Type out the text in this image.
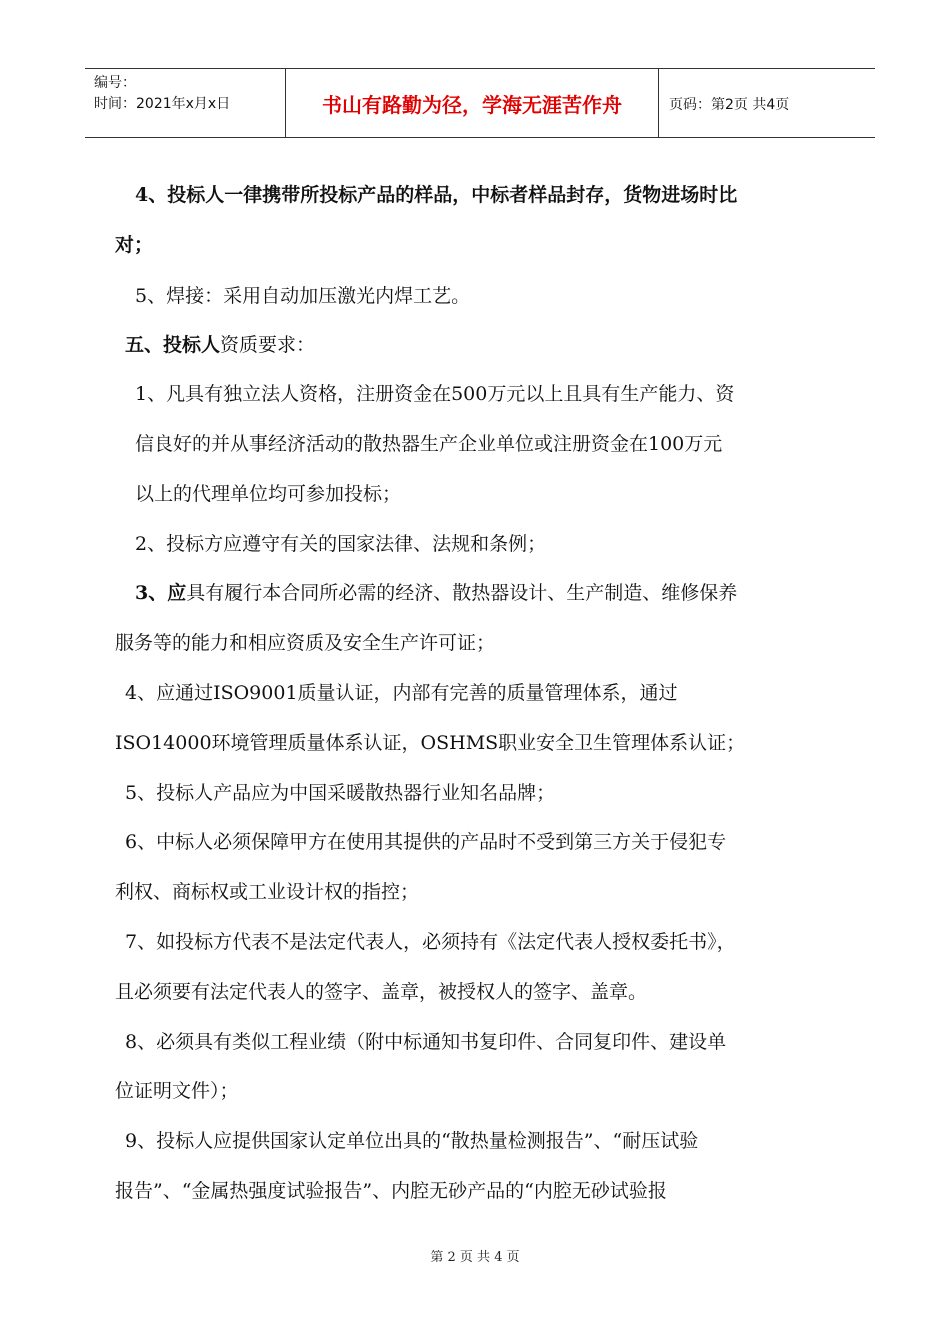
编号：
时间：2021年x月x日	书山有路勤为径，学海无涯苦作舟	页码：第2页 共4页
4、投标人一律携带所投标产品的样品，中标者样品封存，货物进场时比
对；
5、焊接：采用自动加压激光内焊工艺。
五、投标人资质要求：
1、凡具有独立法人资格，注册资金在500万元以上且具有生产能力、资
信良好的并从事经济活动的散热器生产企业单位或注册资金在100万元
以上的代理单位均可参加投标；
2、投标方应遵守有关的国家法律、法规和条例；
3、应具有履行本合同所必需的经济、散热器设计、生产制造、维修保养
服务等的能力和相应资质及安全生产许可证；
4、应通过ISO9001质量认证，内部有完善的质量管理体系，通过
ISO14000环境管理质量体系认证，OSHMS职业安全卫生管理体系认证；
5、投标人产品应为中国采暖散热器行业知名品牌；
6、中标人必须保障甲方在使用其提供的产品时不受到第三方关于侵犯专
利权、商标权或工业设计权的指控；
7、如投标方代表不是法定代表人，必须持有《法定代表人授权委托书》，
且必须要有法定代表人的签字、盖章，被授权人的签字、盖章。
8、必须具有类似工程业绩（附中标通知书复印件、合同复印件、建设单
位证明文件）；
9、投标人应提供国家认定单位出具的“散热量检测报告”、“耐压试验
报告”、“金属热强度试验报告”、内腔无砂产品的“内腔无砂试验报
第 2 页 共 4 页
